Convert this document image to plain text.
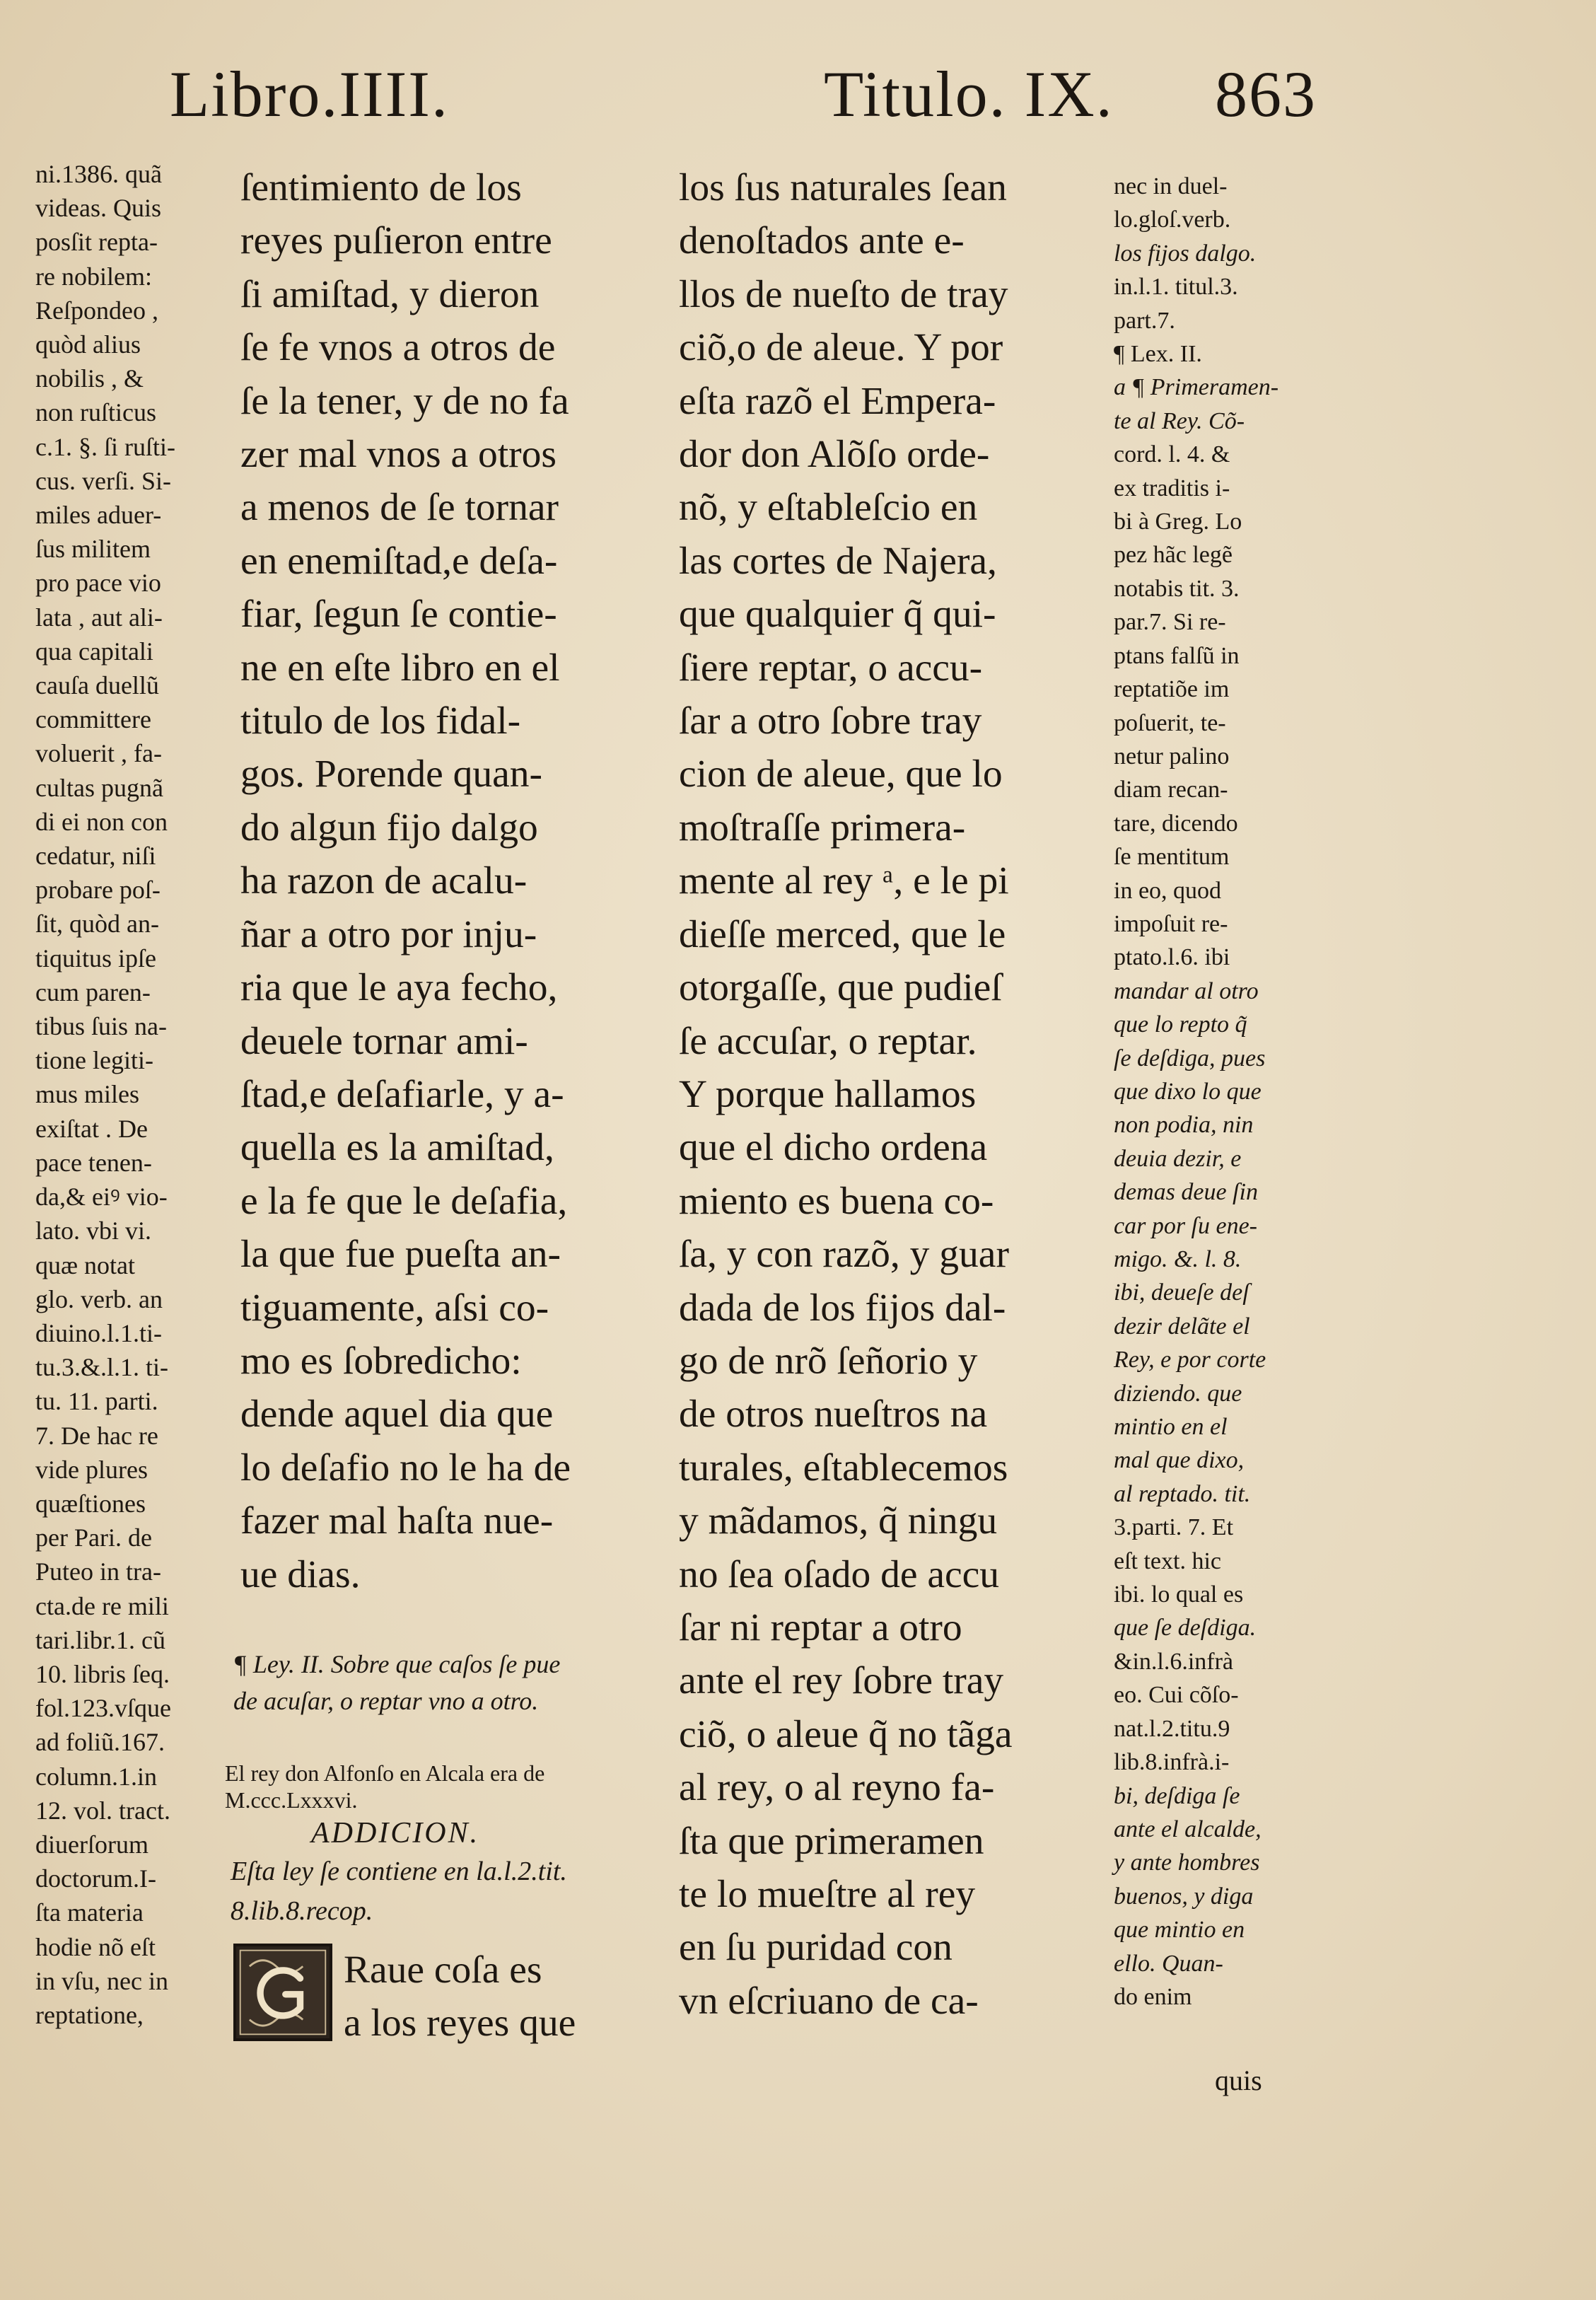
Libro.IIII.	Titulo. IX. 863
ni.1386. quã
videas. Quis
posſit repta-
re nobilem:
Reſpondeo ,
quòd alius
nobilis , &
non ruſticus
c.1. §. ſi ruſti-
cus. verſi. Si-
miles aduer-
ſus militem
pro pace vio
lata , aut ali-
qua capitali
cauſa duellũ
committere
voluerit , fa-
cultas pugnã
di ei non con
cedatur, niſi
probare poſ-
ſit, quòd an-
tiquitus ipſe
cum paren-
tibus ſuis na-
tione legiti-
mus miles
exiſtat . De
pace tenen-
da,& eiꝰ vio-
lato. vbi vi.
quæ notat
glo. verb. an
diuino.l.1.ti-
tu.3.&.l.1. ti-
tu. 11. parti.
7. De hac re
vide plures
quæſtiones
per Pari. de
Puteo in tra-
cta.de re mili
tari.libr.1. cũ
10. libris ſeq.
fol.123.vſque
ad foliũ.167.
column.1.in
12. vol. tract.
diuerſorum
doctorum.I-
ſta materia
hodie nõ eſt
in vſu, nec in
reptatione,
ſentimiento de los
reyes puſieron entre
ſi amiſtad, y dieron
ſe fe vnos a otros de
ſe la tener, y de no fa
zer mal vnos a otros
a menos de ſe tornar
en enemiſtad,e deſa-
fiar, ſegun ſe contie-
ne en eſte libro en el
titulo de los fidal-
gos. Porende quan-
do algun fijo dalgo
ha razon de acalu-
ñar a otro por inju-
ria que le aya fecho,
deuele tornar ami-
ſtad,e deſafiarle, y a-
quella es la amiſtad,
e la fe que le deſafia,
la que fue pueſta an-
tiguamente, aſsi co-
mo es ſobredicho:
dende aquel dia que
lo deſafio no le ha de
fazer mal haſta nue-
ue dias.
¶ Ley. II. Sobre que caſos ſe pue
de acuſar, o reptar vno a otro.
El rey don Alfonſo en Alcala era de
M.ccc.Lxxxvi.
ADDICION.
Eſta ley ſe contiene en la.l.2.tit.
8.lib.8.recop.
Raue coſa es
a los reyes que
los ſus naturales ſean
denoſtados ante e-
llos de nueſto de tray
ciõ,o de aleue. Y por
eſta razõ el Empera-
dor don Alõſo orde-
nõ, y eſtableſcio en
las cortes de Najera,
que qualquier q̃ qui-
ſiere reptar, o accu-
ſar a otro ſobre tray
cion de aleue, que lo
moſtraſſe primera-
mente al rey ᵃ, e le pi
dieſſe merced, que le
otorgaſſe, que pudieſ
ſe accuſar, o reptar.
Y porque hallamos
que el dicho ordena
miento es buena co-
ſa, y con razõ, y guar
dada de los fijos dal-
go de nrõ ſeñorio y
de otros nueſtros na
turales, eſtablecemos
y mãdamos, q̃ ningu
no ſea oſado de accu
ſar ni reptar a otro
ante el rey ſobre tray
ciõ, o aleue q̃ no tãga
al rey, o al reyno fa-
ſta que primeramen
te lo mueſtre al rey
en ſu puridad con
vn eſcriuano de ca-
nec in duel-
lo.gloſ.verb.
los fijos dalgo.
in.l.1. titul.3.
part.7.
¶ Lex. II.
a ¶ Primeramen-
te al Rey. Cõ-
cord. l. 4. &
ex traditis i-
bi à Greg. Lo
pez hãc legẽ
notabis tit. 3.
par.7. Si re-
ptans falſũ in
reptatiõe im
poſuerit, te-
netur palino
diam recan-
tare, dicendo
ſe mentitum
in eo, quod
impoſuit re-
ptato.l.6. ibi
mandar al otro
que lo repto q̃
ſe deſdiga, pues
que dixo lo que
non podia, nin
deuia dezir, e
demas deue ſin
car por ſu ene-
migo. &. l. 8.
ibi, deueſe deſ
dezir delãte el
Rey, e por corte
diziendo. que
mintio en el
mal que dixo,
al reptado. tit.
3.parti. 7. Et
eſt text. hic
ibi. lo qual es
que ſe deſdiga.
&in.l.6.infrà
eo. Cui cõſo-
nat.l.2.titu.9
lib.8.infrà.i-
bi, deſdiga ſe
ante el alcalde,
y ante hombres
buenos, y diga
que mintio en
ello. Quan-
do enim
quis
